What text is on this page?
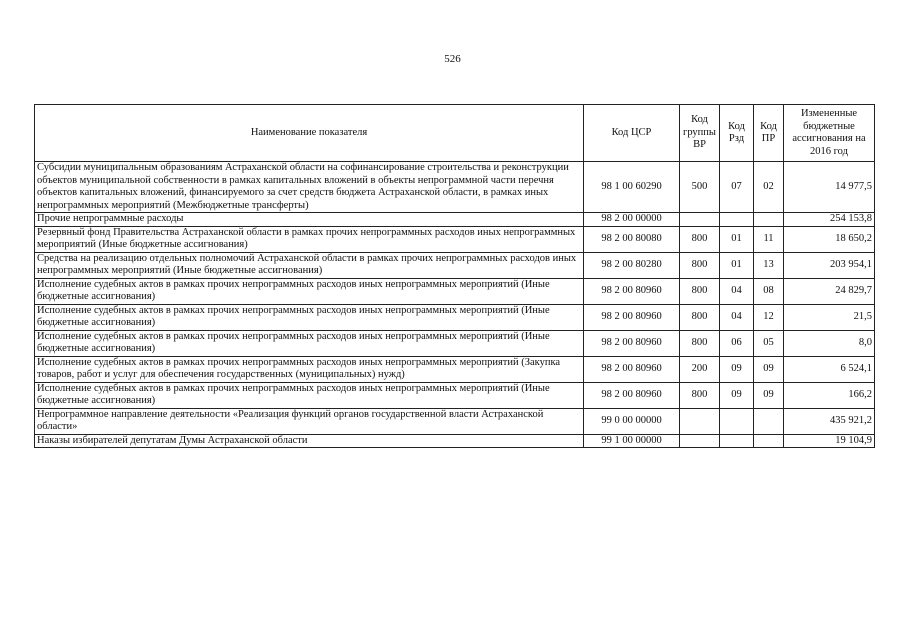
526
Наименование показателя	Код ЦСР	Код группы ВР	Код Рзд	Код ПР	Измененные бюджетные ассигнования на 2016 год
Субсидии муниципальным образованиям Астраханской области на софинансирование строительства и реконструкции объектов муниципальной собственности в рамках капитальных вложений в объекты непрограммной части перечня объектов капитальных вложений, финансируемого за счет средств бюджета Астраханской области, в рамках иных непрограммных мероприятий (Межбюджетные трансферты)	98 1 00 60290	500	07	02	14 977,5
Прочие непрограммные расходы	98 2 00 00000				254 153,8
Резервный фонд Правительства Астраханской области в рамках прочих непрограммных расходов иных непрограммных мероприятий (Иные бюджетные ассигнования)	98 2 00 80080	800	01	11	18 650,2
Средства на реализацию отдельных полномочий Астраханской области в рамках прочих непрограммных расходов иных непрограммных мероприятий (Иные бюджетные ассигнования)	98 2 00 80280	800	01	13	203 954,1
Исполнение судебных актов в рамках прочих непрограммных расходов иных непрограммных мероприятий (Иные бюджетные ассигнования)	98 2 00 80960	800	04	08	24 829,7
Исполнение судебных актов в рамках прочих непрограммных расходов иных непрограммных мероприятий (Иные бюджетные ассигнования)	98 2 00 80960	800	04	12	21,5
Исполнение судебных актов в рамках прочих непрограммных расходов иных непрограммных мероприятий (Иные бюджетные ассигнования)	98 2 00 80960	800	06	05	8,0
Исполнение судебных актов в рамках прочих непрограммных расходов иных непрограммных мероприятий (Закупка товаров, работ и услуг для обеспечения государственных (муниципальных) нужд)	98 2 00 80960	200	09	09	6 524,1
Исполнение судебных актов в рамках прочих непрограммных расходов иных непрограммных мероприятий (Иные бюджетные ассигнования)	98 2 00 80960	800	09	09	166,2
Непрограммное направление деятельности «Реализация функций органов государственной власти Астраханской области»	99 0 00 00000				435 921,2
Наказы избирателей депутатам Думы Астраханской области	99 1 00 00000				19 104,9
